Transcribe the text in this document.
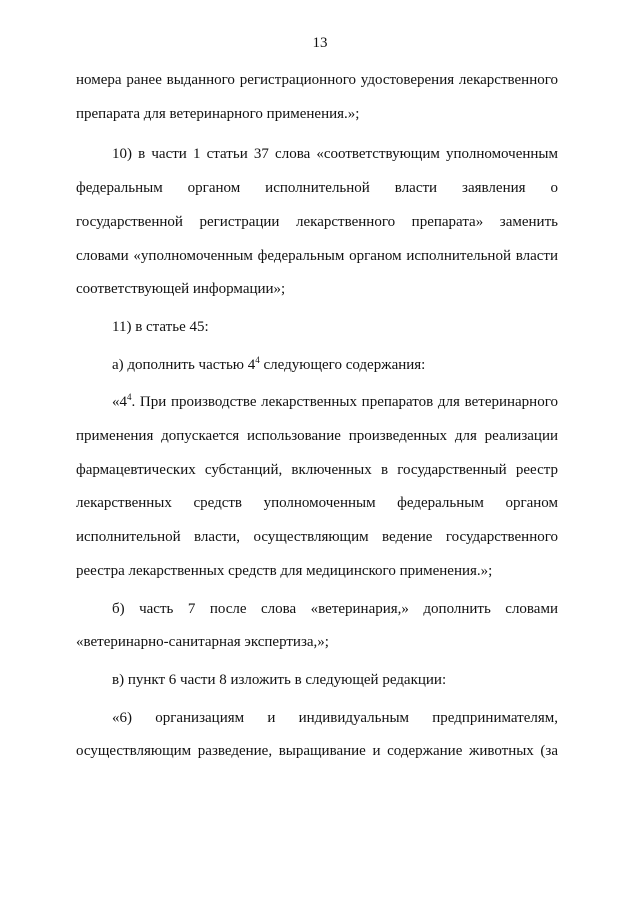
13
номера ранее выданного регистрационного удостоверения лекарственного
препарата для ветеринарного применения.»;
10) в части 1 статьи 37 слова «соответствующим уполномоченным
федеральным органом исполнительной власти заявления о
государственной регистрации лекарственного препарата» заменить
словами «уполномоченным федеральным органом исполнительной власти
соответствующей информации»;
11) в статье 45:
а) дополнить частью $4^4$ следующего содержания:
«$4^4$. При производстве лекарственных препаратов для ветеринарного
применения допускается использование произведенных для реализации
фармацевтических субстанций, включенных в государственный реестр
лекарственных средств уполномоченным федеральным органом
исполнительной власти, осуществляющим ведение государственного
реестра лекарственных средств для медицинского применения.»;
б) часть 7 после слова «ветеринария,» дополнить словами
«ветеринарно-санитарная экспертиза,»;
в) пункт 6 части 8 изложить в следующей редакции:
«6) организациям и индивидуальным предпринимателям,
осуществляющим разведение, выращивание и содержание животных (за
